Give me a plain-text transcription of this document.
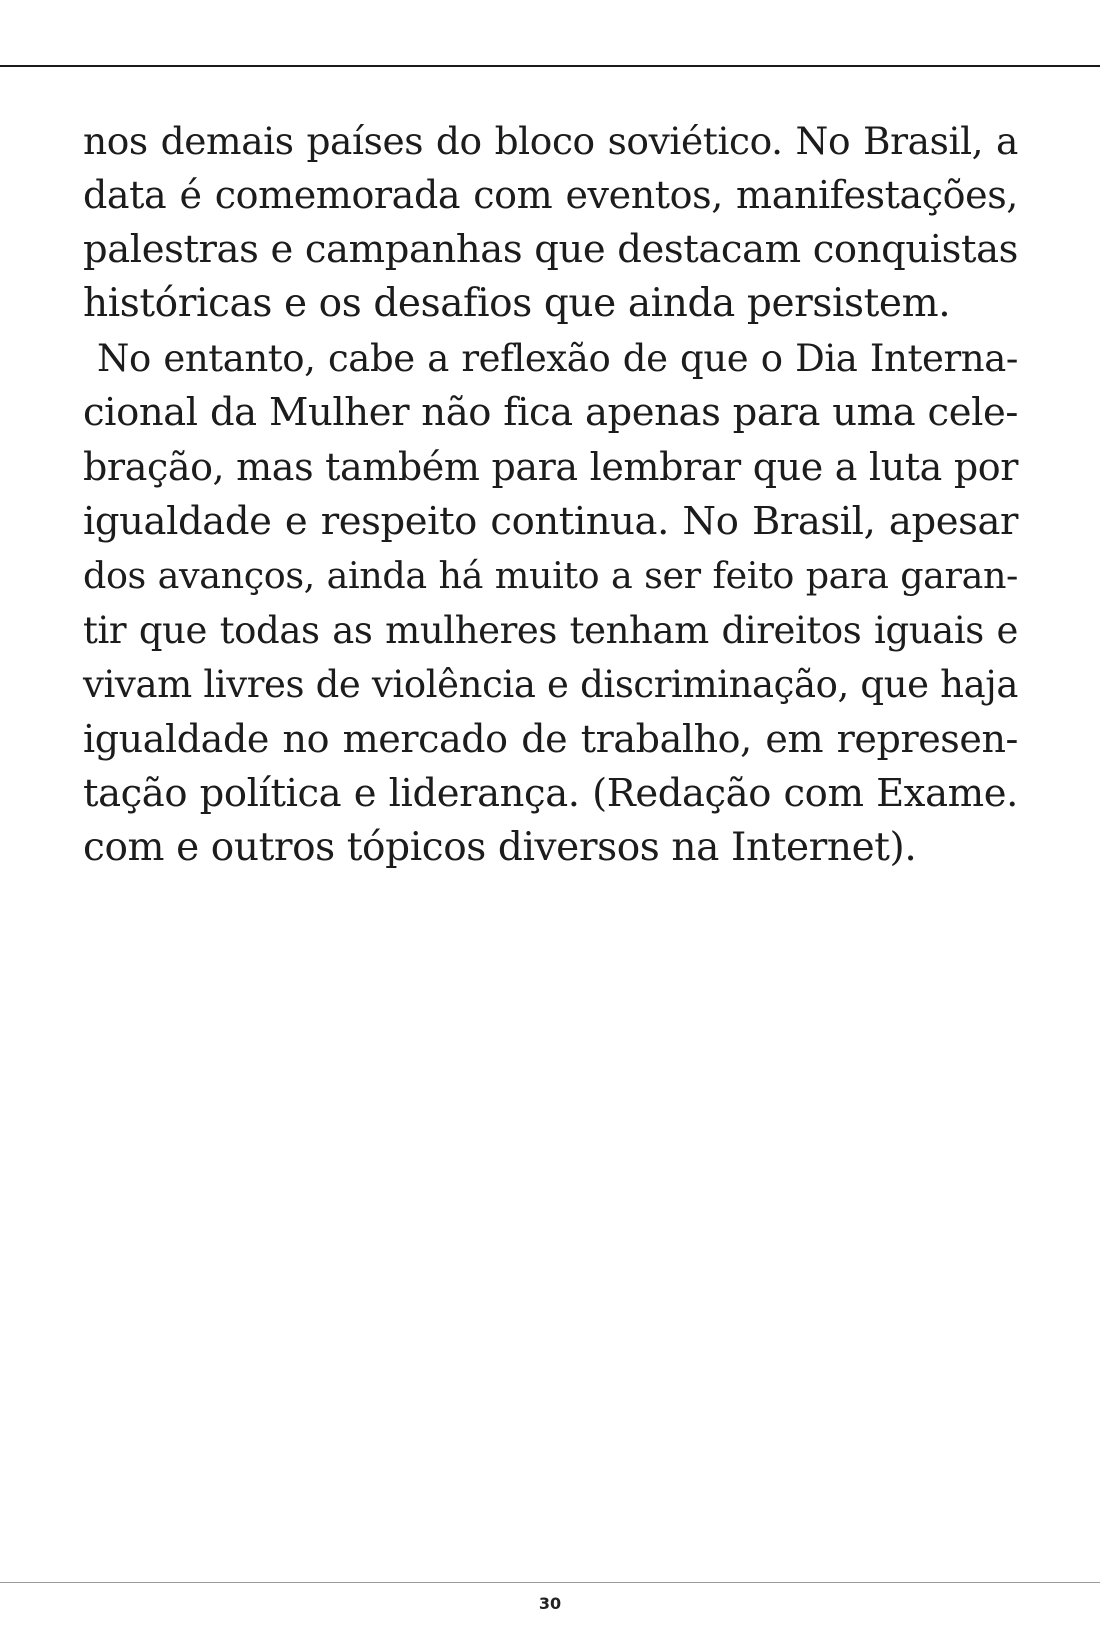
nos demais países do bloco soviético. No Brasil, a
data é comemorada com eventos, manifestações,
palestras e campanhas que destacam conquistas
históricas e os desafios que ainda persistem.
No entanto, cabe a reflexão de que o Dia Interna-
cional da Mulher não fica apenas para uma cele-
bração, mas também para lembrar que a luta por
igualdade e respeito continua. No Brasil, apesar
dos avanços, ainda há muito a ser feito para garan-
tir que todas as mulheres tenham direitos iguais e
vivam livres de violência e discriminação, que haja
igualdade no mercado de trabalho, em represen-
tação política e liderança. (Redação com Exame.
com e outros tópicos diversos na Internet).
30
